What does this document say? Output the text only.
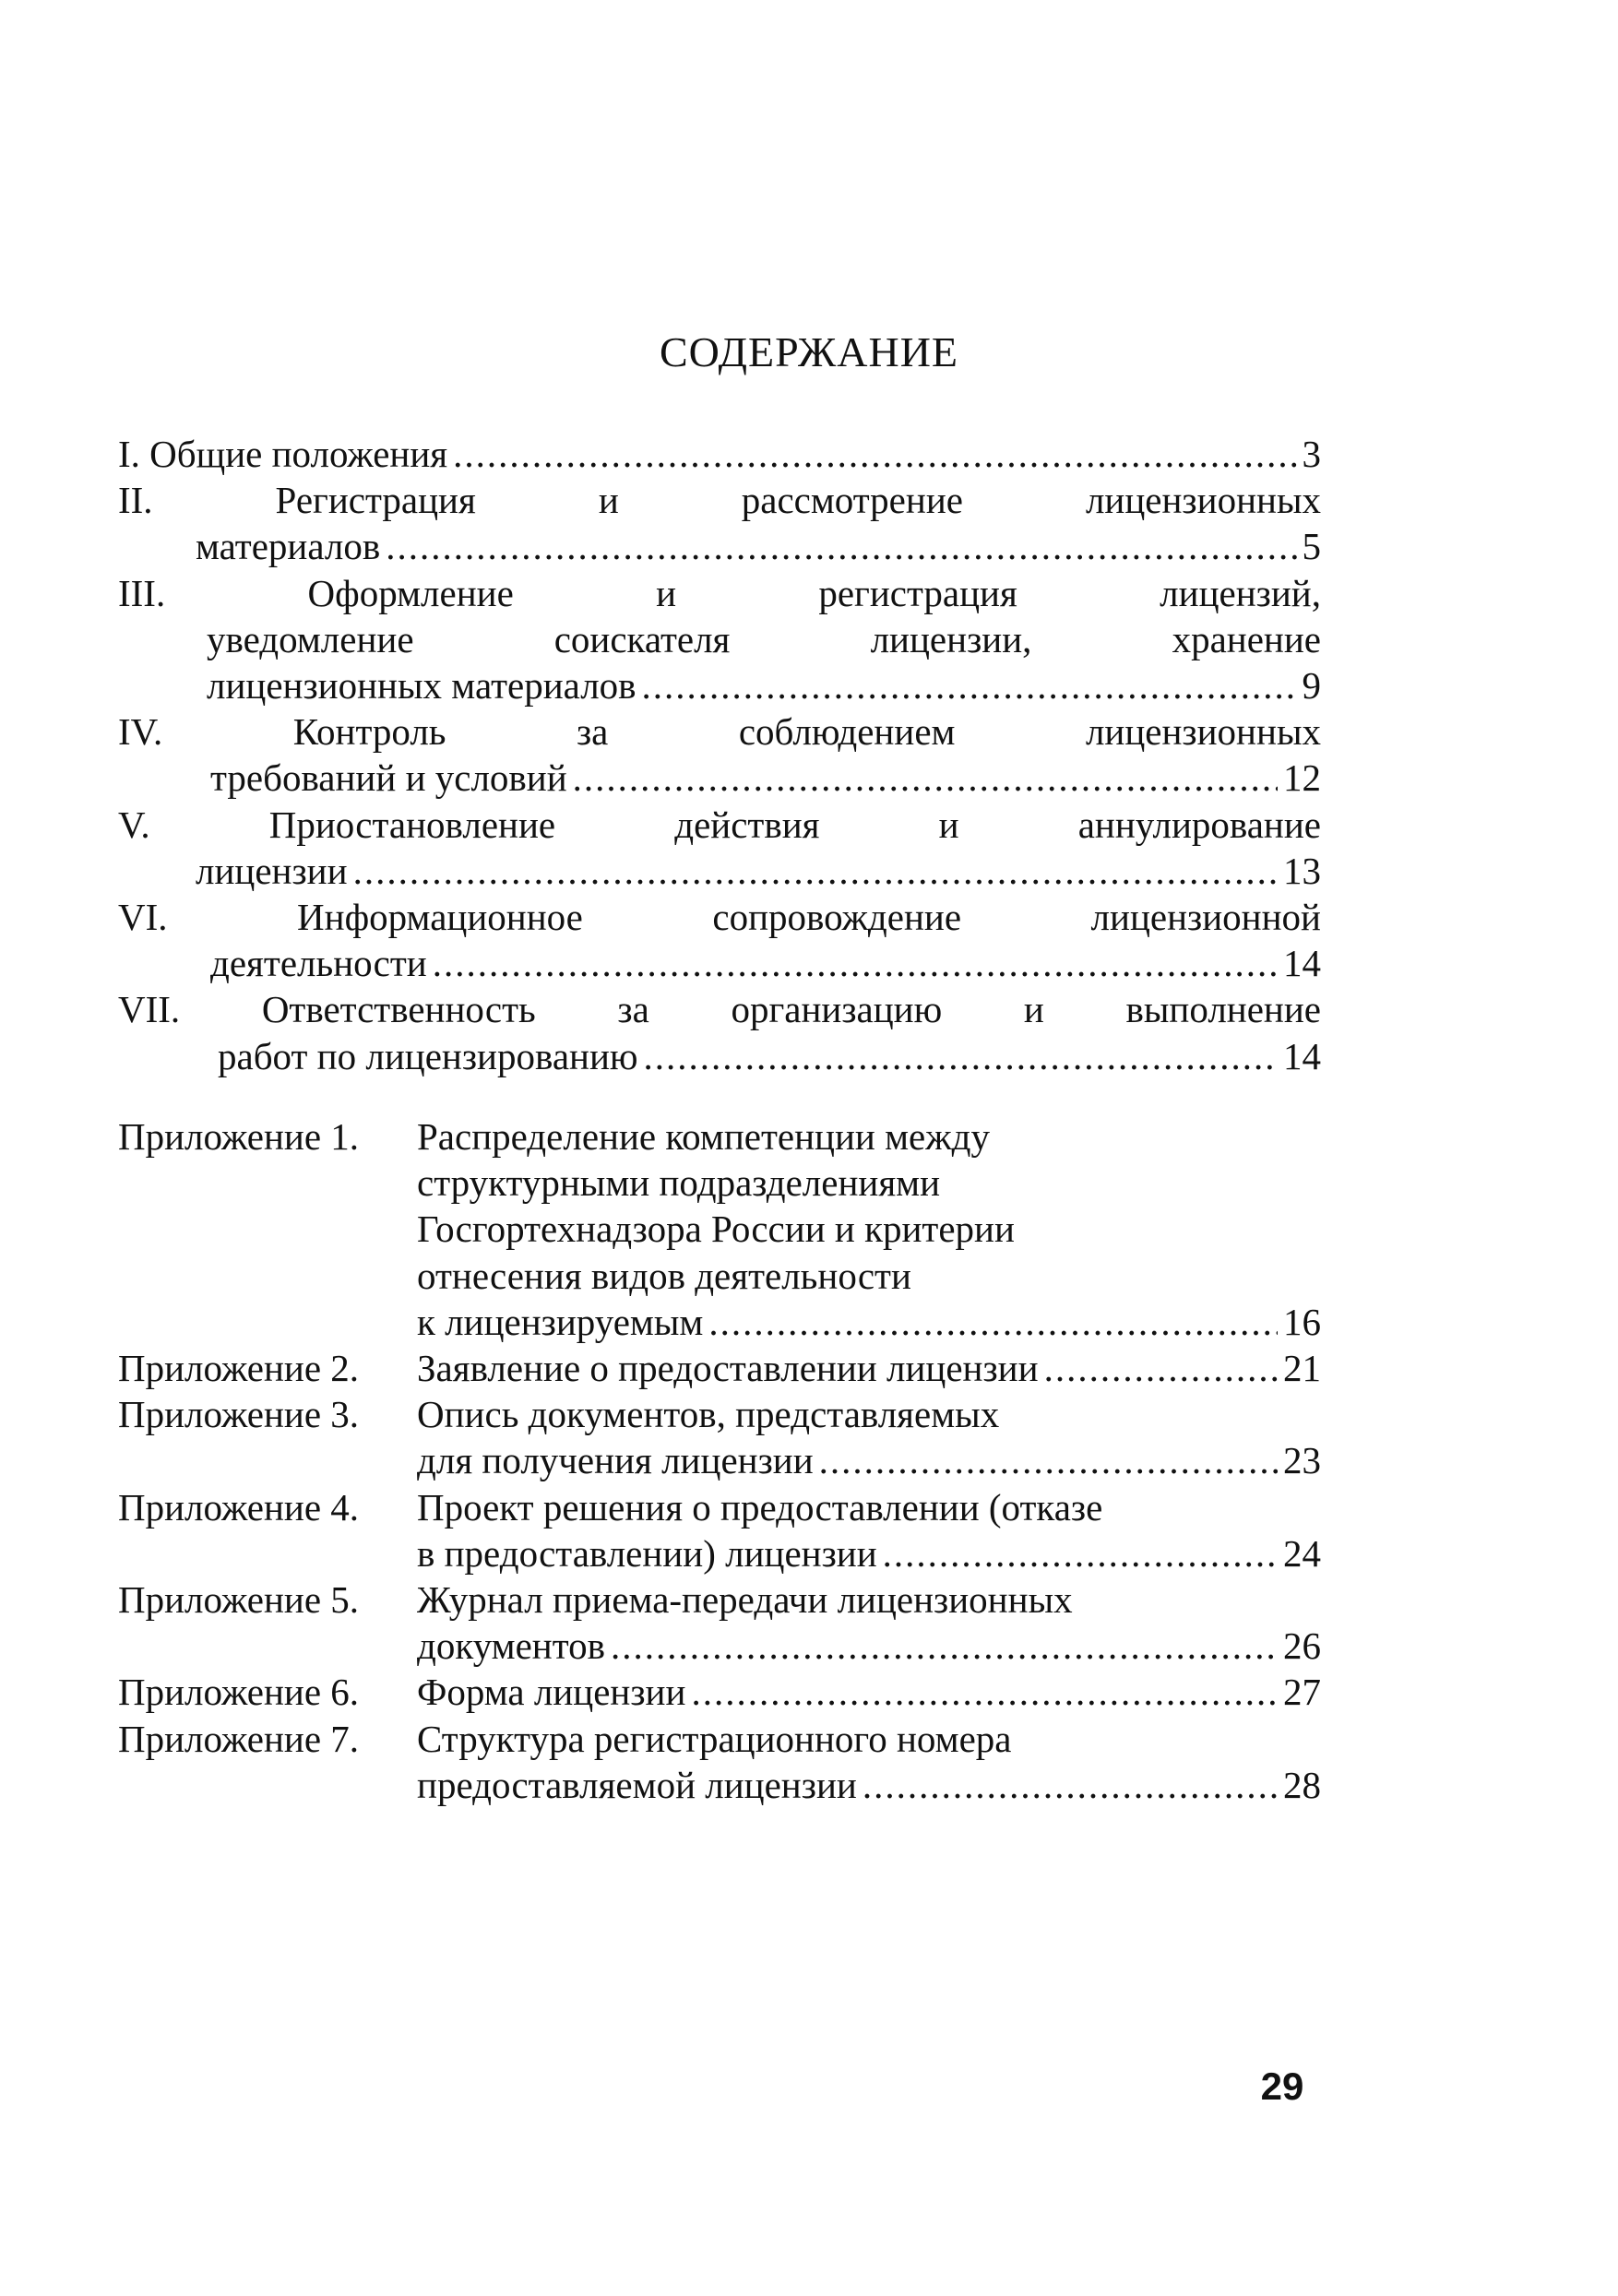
СОДЕРЖАНИЕ
I. Общие положения .....	3
II. Регистрация и рассмотрение лицензионных
материалов .....	5
III. Оформление и регистрация лицензий,
уведомление соискателя лицензии, хранение
лицензионных материалов .....	9
IV. Контроль за соблюдением лицензионных
требований и условий .....	12
V. Приостановление действия и аннулирование
лицензии .....	13
VI. Информационное сопровождение лицензионной
деятельности .....	14
VII. Ответственность за организацию и выполнение
работ по лицензированию .....	14
Приложение 1. Распределение компетенции между
структурными подразделениями
Госгортехнадзора России и критерии
отнесения видов деятельности
к лицензируемым .....	16
Приложение 2. Заявление о предоставлении лицензии .....	21
Приложение 3. Опись документов, представляемых
для получения лицензии .....	23
Приложение 4. Проект решения о предоставлении (отказе
в предоставлении) лицензии .....	24
Приложение 5. Журнал приема-передачи лицензионных
документов .....	26
Приложение 6. Форма лицензии .....	27
Приложение 7. Структура регистрационного номера
предоставляемой лицензии .....	28
29
